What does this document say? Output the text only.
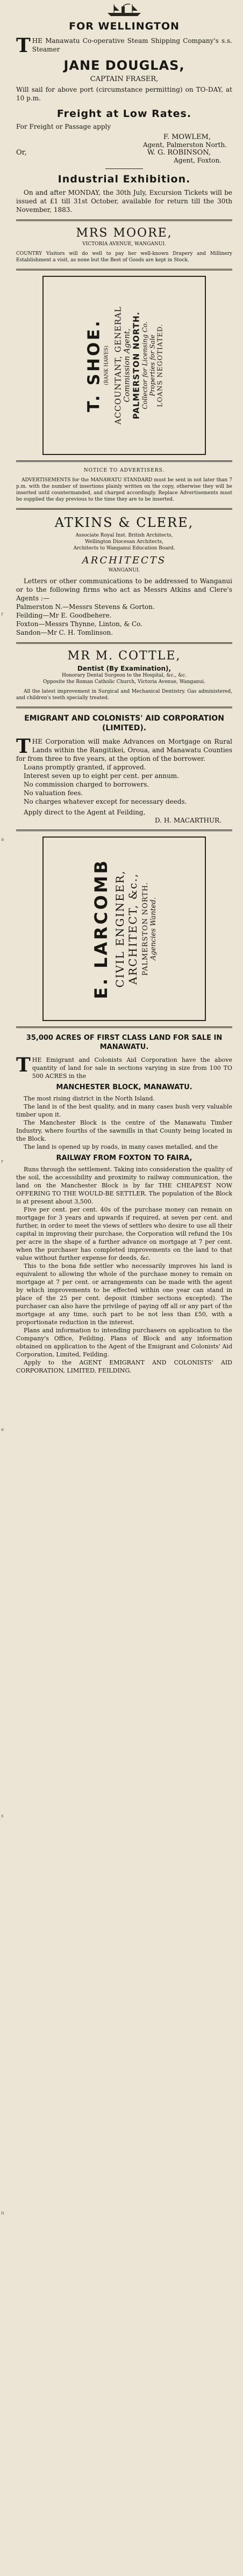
r
a
r
e
s
n
FOR WELLINGTON

THE Manawatu Co-operative Steam Shipping Company's s.s. Steamer

JANE DOUGLAS,
CAPTAIN FRASER,

Will sail for above port (circumstance permitting) on TO-DAY, at 10 p.m.

Freight at Low Rates.

For Freight or Passage apply

F. MOWLEM,
Agent, Palmerston North.
Or,	W. G. ROBINSON,
Agent, Foxton.
Industrial Exhibition.

On and after MONDAY, the 30th July, Excursion Tickets will be issued at £1 till 31st October, available for return till the 30th November, 1883.

MRS MOORE,
VICTORIA AVENUE, WANGANUI.

COUNTRY Visitors will do well to pay her well-known Drapery and Millinery Establishment a visit, as none but the Best of Goods are kept in Stock.

T. SHOE. (RANK HAWES) ACCOUNTANT, GENERAL Commission Agent, PALMERSTON NORTH. Collector for Licensing Co. Properties for Sale LOANS NEGOTIATED.
NOTICE TO ADVERTISERS.

ADVERTISEMENTS for the MANAWATU STANDARD must be sent in not later than 7 p.m. with the number of insertions plainly written on the copy, otherwise they will be inserted until countermanded, and charged accordingly. Replace Advertisements must be supplied the day previous to the time they are to be inserted.

ATKINS & CLERE,
Associate Royal Inst. British Architects,
Wellington Diocesan Architects,
Architects to Wanganui Education Board.
ARCHITECTS
WANGANUI.

Letters or other communications to be addressed to Wanganui or to the following firms who act as Messrs Atkins and Clere's Agents :—

Palmerston N.—Messrs Stevens & Gorton.
Feilding—Mr E. Goodbehere.
Foxton—Messrs Thynne, Linton, & Co.
Sandon—Mr C. H. Tomlinson.
MR M. COTTLE,
Dentist (By Examination),
Honorary Dental Surgeon to the Hospital, &c., &c.
Opposite the Roman Catholic Church, Victoria Avenue, Wanganui.

All the latest improvement in Surgical and Mechanical Dentistry. Gas administered, and children's teeth specially treated.

EMIGRANT AND COLONISTS' AID CORPORATION (LIMITED).

THE Corporation will make Advances on Mortgage on Rural Lands within the Rangitikei, Oroua, and Manawatu Counties for from three to five years, at the option of the borrower.

Loans promptly granted, if approved.

Interest seven up to eight per cent. per annum.

No commission charged to borrowers.

No valuation fees.

No charges whatever except for necessary deeds.

Apply direct to the Agent at Feilding,

D. H. MACARTHUR.
E. LARCOMB CIVIL ENGINEER, ARCHITECT, &c., PALMERSTON NORTH. Agencies Wanted.
35,000 ACRES OF FIRST CLASS LAND FOR SALE IN MANAWATU.

THE Emigrant and Colonists Aid Corporation have the above quantity of land for sale in sections varying in size from 100 TO 500 ACRES in the

MANCHESTER BLOCK, MANAWATU.

The most rising district in the North Island.

The land is of the best quality, and in many cases bush very valuable timber upon it.

The Manchester Block is the centre of the Manawatu Timber Industry, where fourths of the sawmills in that County being located in the Block.

The land is opened up by roads, in many cases metalled, and the

RAILWAY FROM FOXTON TO FAIRA,

Runs through the settlement. Taking into consideration the quality of the soil, the accessibility and proximity to railway communication, the land on the Manchester Block is by far THE CHEAPEST NOW OFFERING TO THE WOULD-BE SETTLER. The population of the Block is at present about 3,500.

Five per cent. per cent. 40s of the purchase money can remain on mortgage for 3 years and upwards if required, at seven per cent. and further, in order to meet the views of settlers who desire to use all their capital in improving their purchase, the Corporation will refund the 10s per acre in the shape of a further advance on mortgage at 7 per cent. when the purchaser has completed improvements on the land to that value without further expense for deeds, &c.

This to the bona fide settler who necessarily improves his land is equivalent to allowing the whole of the purchase money to remain on mortgage at 7 per cent. or arrangements can be made with the agent by which improvements to be effected within one year can stand in place of the 25 per cent. deposit (timber sections excepted). The purchaser can also have the privilege of paying off all or any part of the mortgage at any time, such part to be not less than £50, with a proportionate reduction in the interest.

Plans and information to intending purchasers on application to the Company's Office, Feilding. Plans of Block and any information obtained on application to the Agent of the Emigrant and Colonists' Aid Corporation, Limited, Feilding.

Apply to the AGENT EMIGRANT AND COLONISTS' AID CORPORATION, LIMITED, FEILDING.
